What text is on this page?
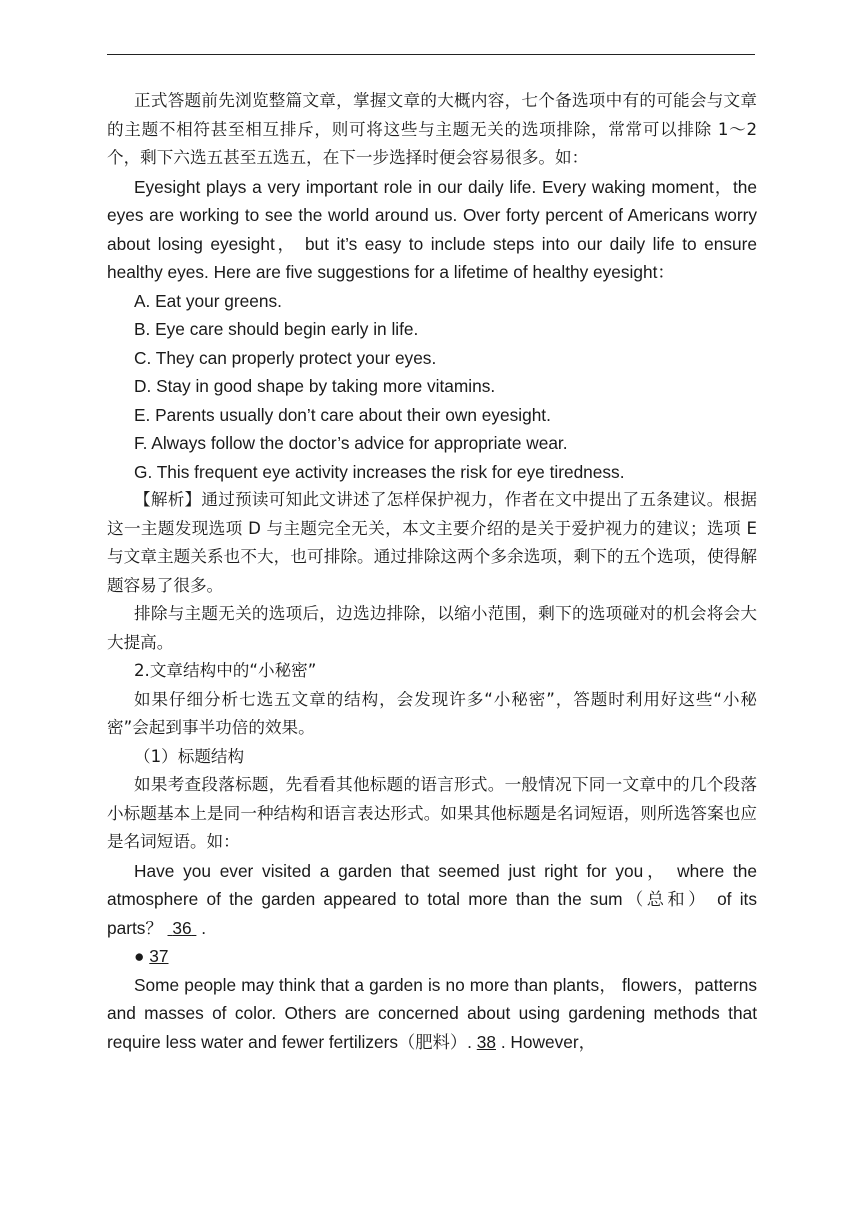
正式答题前先浏览整篇文章，掌握文章的大概内容，七个备选项中有的可能会与文章的主题不相符甚至相互排斥，则可将这些与主题无关的选项排除，常常可以排除 1～2 个，剩下六选五甚至五选五，在下一步选择时便会容易很多。如：

Eyesight plays a very important role in our daily life. Every waking moment，the eyes are working to see the world around us. Over forty percent of Americans worry about losing eyesight， but it’s easy to include steps into our daily life to ensure healthy eyes. Here are five suggestions for a lifetime of healthy eyesight：

A. Eat your greens.

B. Eye care should begin early in life.

C. They can properly protect your eyes.

D. Stay in good shape by taking more vitamins.

E. Parents usually don’t care about their own eyesight.

F. Always follow the doctor’s advice for appropriate wear.

G. This frequent eye activity increases the risk for eye tiredness.

【解析】通过预读可知此文讲述了怎样保护视力，作者在文中提出了五条建议。根据这一主题发现选项 D 与主题完全无关，本文主要介绍的是关于爱护视力的建议；选项 E 与文章主题关系也不大，也可排除。通过排除这两个多余选项，剩下的五个选项，使得解题容易了很多。

排除与主题无关的选项后，边选边排除，以缩小范围，剩下的选项碰对的机会将会大大提高。

2.文章结构中的“小秘密”

如果仔细分析七选五文章的结构，会发现许多“小秘密”，答题时利用好这些“小秘密”会起到事半功倍的效果。

（1）标题结构

如果考查段落标题，先看看其他标题的语言形式。一般情况下同一文章中的几个段落小标题基本上是同一种结构和语言表达形式。如果其他标题是名词短语，则所选答案也应是名词短语。如：

Have you ever visited a garden that seemed just right for you， where the atmosphere of the garden appeared to total more than the sum（总和） of its parts？ 36 .

● 37

Some people may think that a garden is no more than plants， flowers，patterns and masses of color. Others are concerned about using gardening methods that require less water and fewer fertilizers（肥料）. 38 . However，
